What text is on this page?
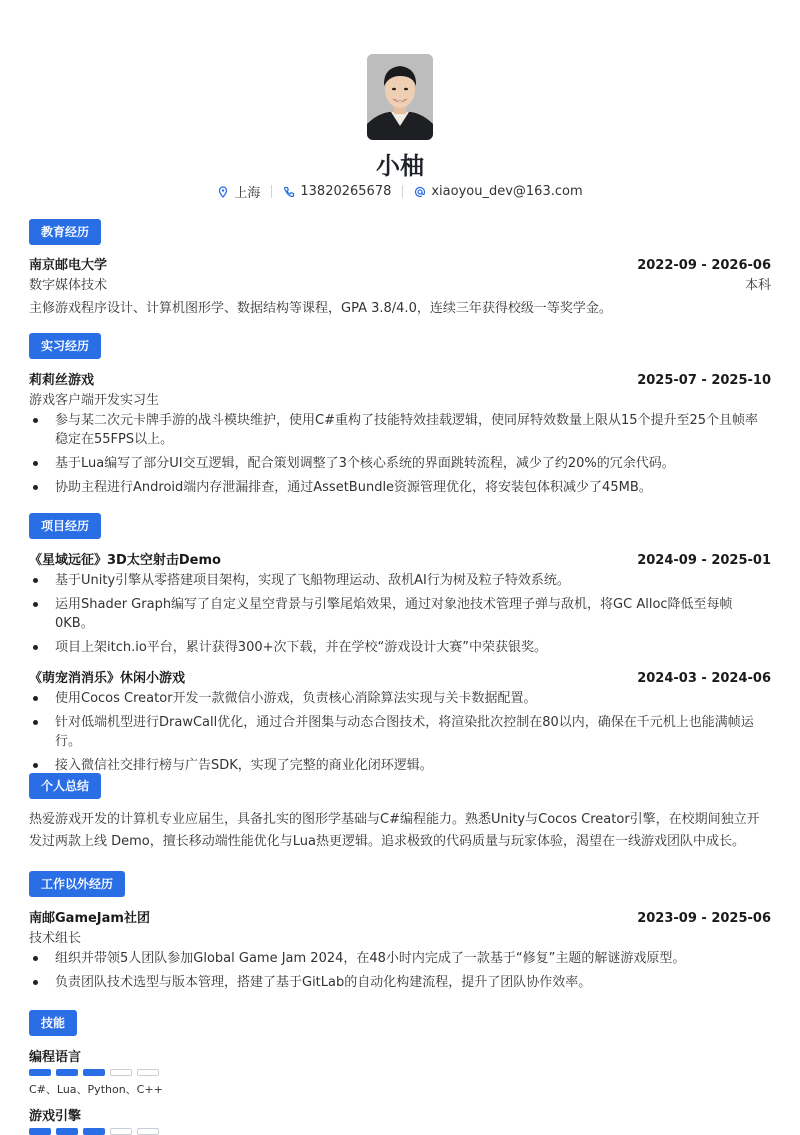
小柚
上海	13820265678	xiaoyou_dev@163.com
教育经历
南京邮电大学	2022-09 - 2026-06
数字媒体技术	本科
主修游戏程序设计、计算机图形学、数据结构等课程，GPA 3.8/4.0，连续三年获得校级一等奖学金。
实习经历
莉莉丝游戏	2025-07 - 2025-10
游戏客户端开发实习生
参与某二次元卡牌手游的战斗模块维护，使用C#重构了技能特效挂载逻辑，使同屏特效数量上限从15个提升至25个且帧率稳定在55FPS以上。
基于Lua编写了部分UI交互逻辑，配合策划调整了3个核心系统的界面跳转流程，减少了约20%的冗余代码。
协助主程进行Android端内存泄漏排查，通过AssetBundle资源管理优化，将安装包体积减少了45MB。
项目经历
《星域远征》3D太空射击Demo	2024-09 - 2025-01
基于Unity引擎从零搭建项目架构，实现了飞船物理运动、敌机AI行为树及粒子特效系统。
运用Shader Graph编写了自定义星空背景与引擎尾焰效果，通过对象池技术管理子弹与敌机，将GC Alloc降低至每帧0KB。
项目上架itch.io平台，累计获得300+次下载，并在学校“游戏设计大赛”中荣获银奖。
《萌宠消消乐》休闲小游戏	2024-03 - 2024-06
使用Cocos Creator开发一款微信小游戏，负责核心消除算法实现与关卡数据配置。
针对低端机型进行DrawCall优化，通过合并图集与动态合图技术，将渲染批次控制在80以内，确保在千元机上也能满帧运行。
接入微信社交排行榜与广告SDK，实现了完整的商业化闭环逻辑。
个人总结
热爱游戏开发的计算机专业应届生，具备扎实的图形学基础与C#编程能力。熟悉Unity与Cocos Creator引擎，在校期间独立开发过两款上线 Demo，擅长移动端性能优化与Lua热更逻辑。追求极致的代码质量与玩家体验，渴望在一线游戏团队中成长。
工作以外经历
南邮GameJam社团	2023-09 - 2025-06
技术组长
组织并带领5人团队参加Global Game Jam 2024，在48小时内完成了一款基于“修复”主题的解谜游戏原型。
负责团队技术选型与版本管理，搭建了基于GitLab的自动化构建流程，提升了团队协作效率。
技能
编程语言
C#、Lua、Python、C++
游戏引擎
